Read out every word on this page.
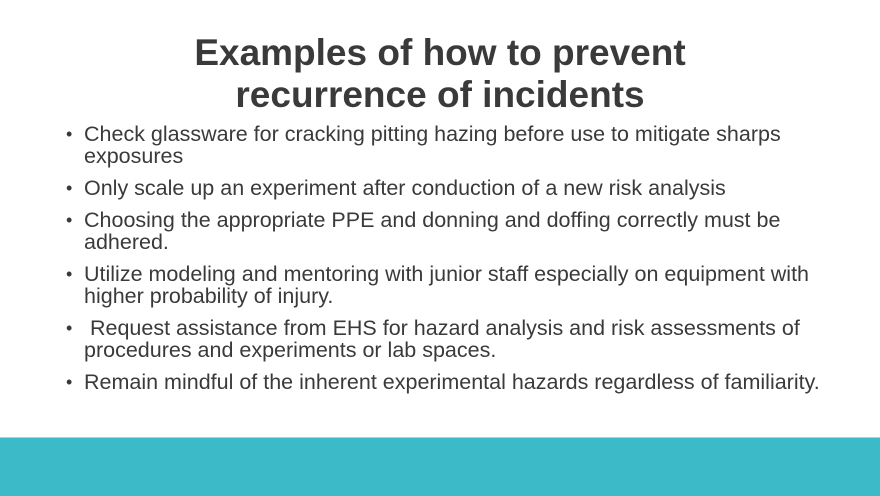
Examples of how to prevent
recurrence of incidents
• Check glassware for cracking pitting hazing before use to mitigate sharps exposures
• Only scale up an experiment after conduction of a new risk analysis
• Choosing the appropriate PPE and donning and doffing correctly must be adhered.
• Utilize modeling and mentoring with junior staff especially on equipment with higher probability of injury.
• Request assistance from EHS for hazard analysis and risk assessments of procedures and experiments or lab spaces.
• Remain mindful of the inherent experimental hazards regardless of familiarity.
